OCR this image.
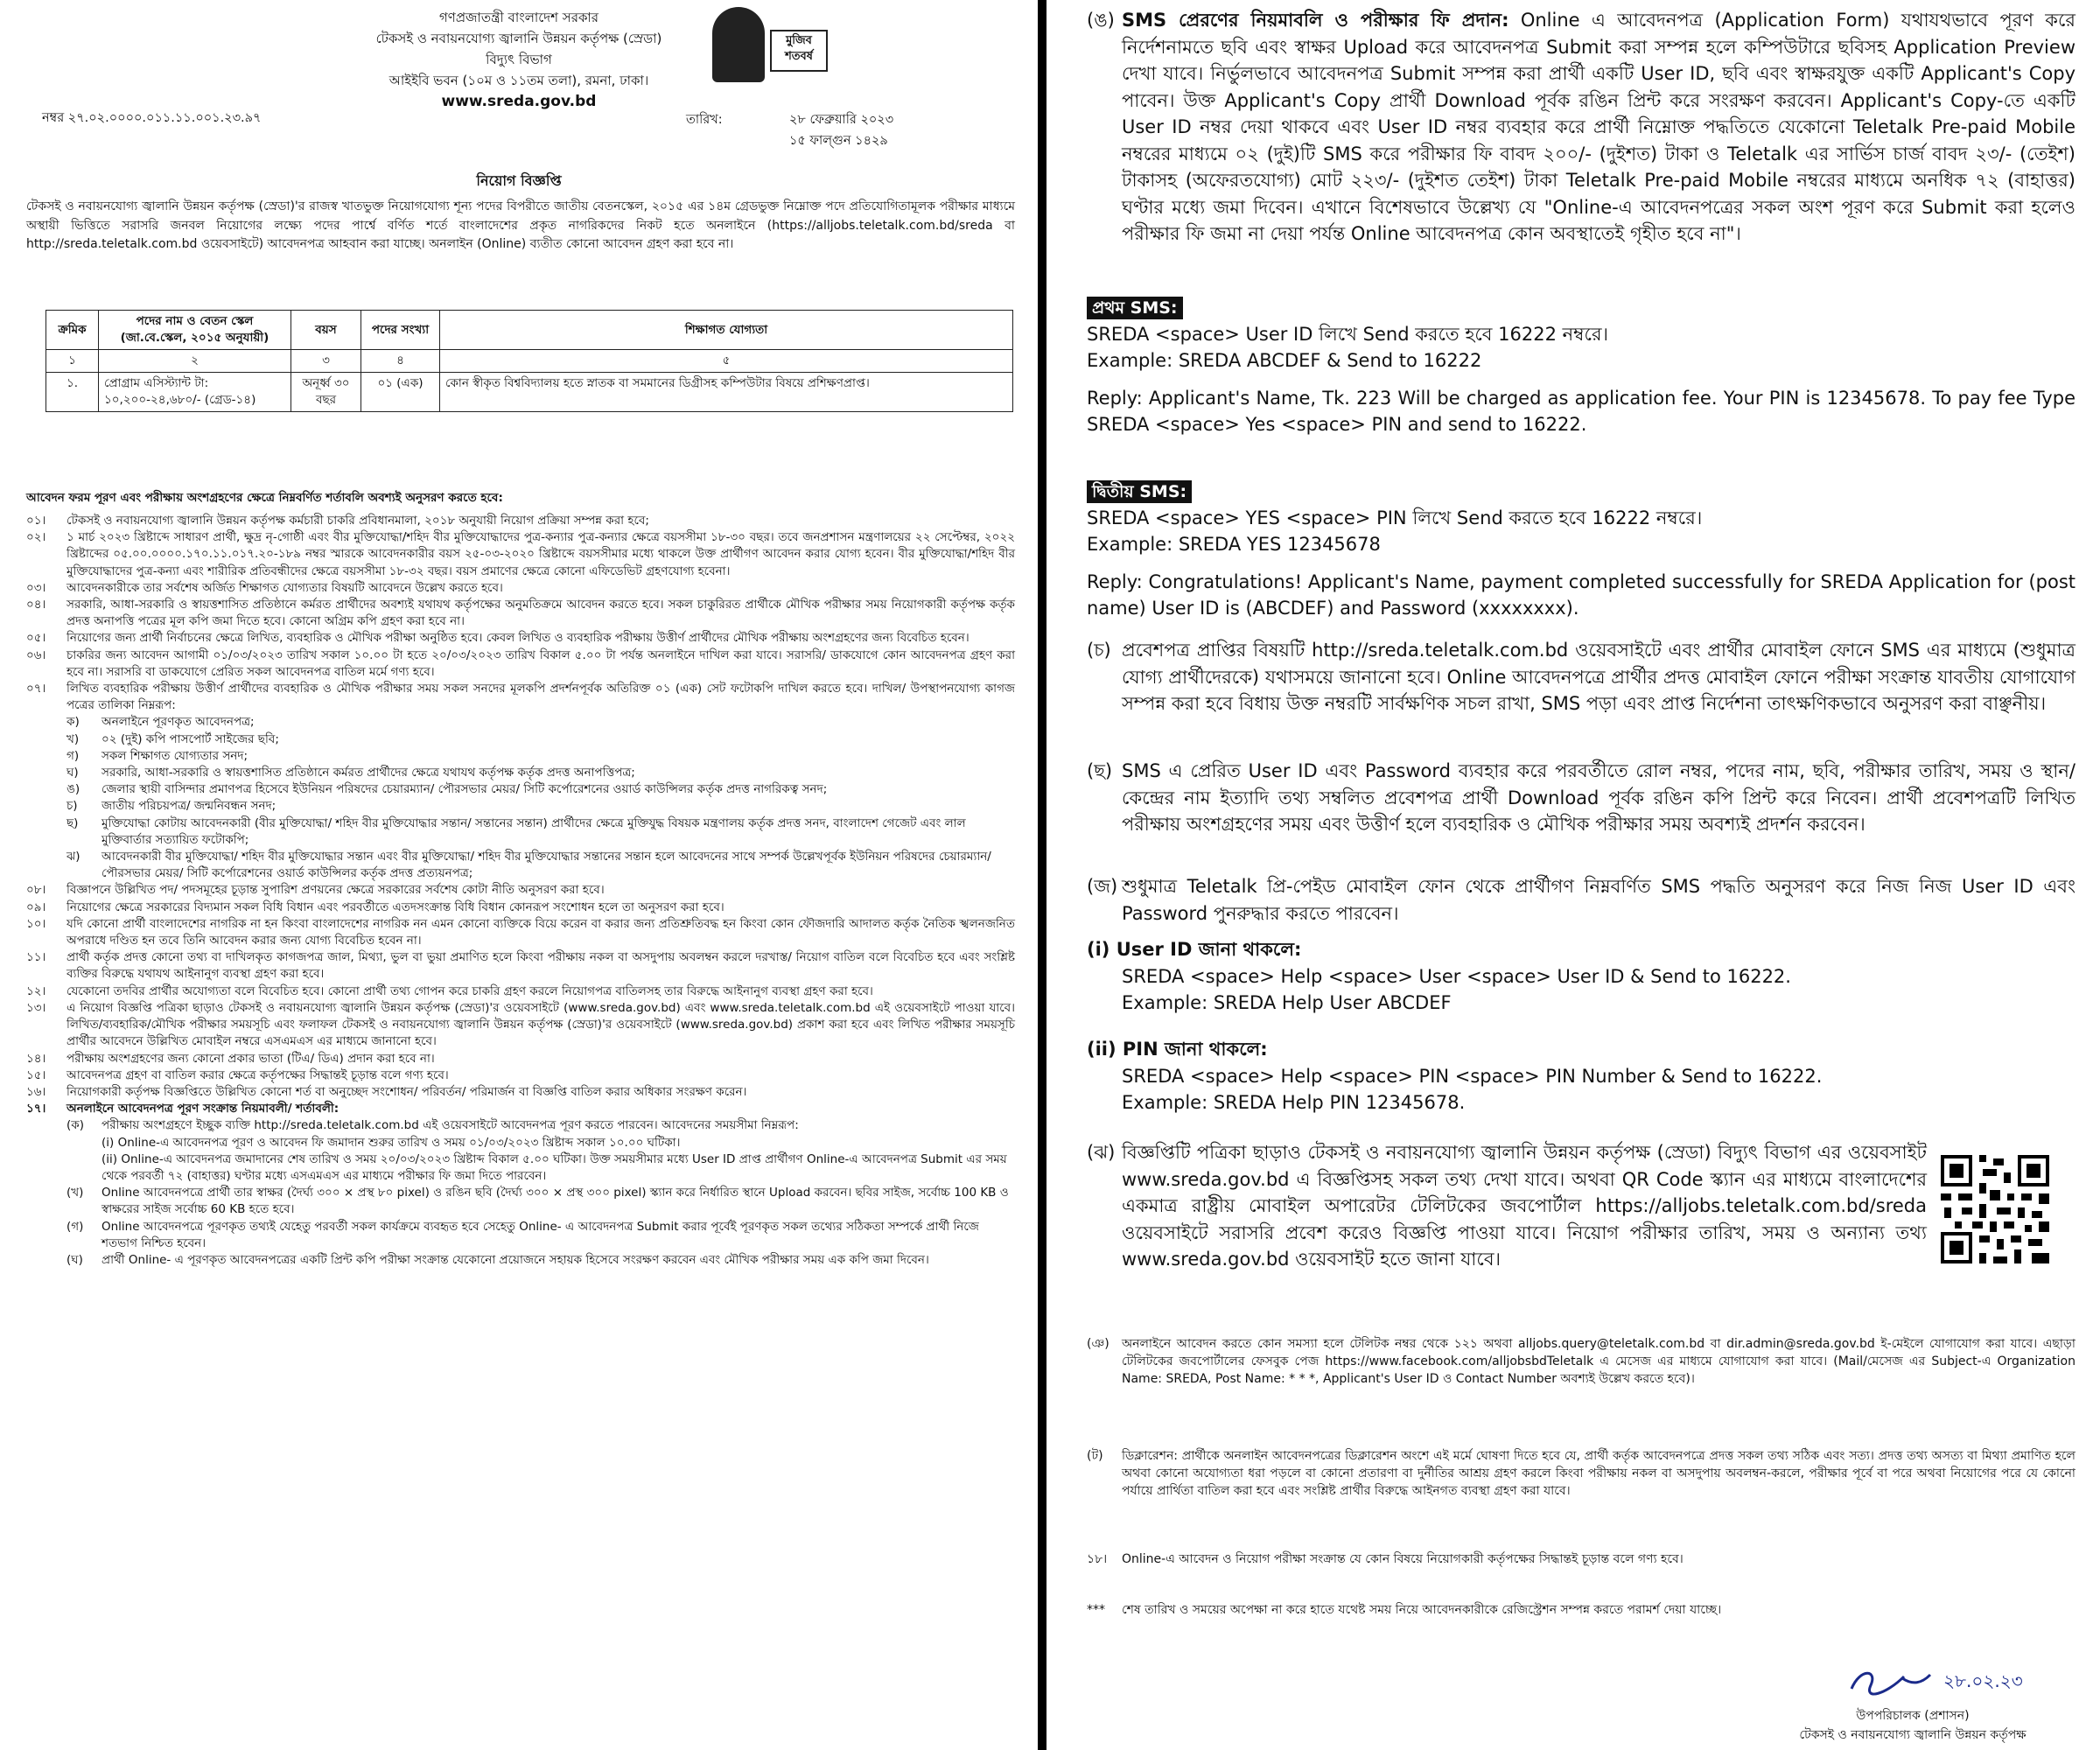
গণপ্রজাতন্ত্রী বাংলাদেশ সরকার
টেকসই ও নবায়নযোগ্য জ্বালানি উন্নয়ন কর্তৃপক্ষ (স্রেডা)
বিদ্যুৎ বিভাগ
আইইবি ভবন (১০ম ও ১১তম তলা), রমনা, ঢাকা।
www.sreda.gov.bd
মুজিব শতবর্ষ
নম্বর ২৭.০২.০০০০.০১১.১১.০০১.২৩.৯৭	তারিখ:	২৮ ফেব্রুয়ারি ২০২৩
১৫ ফাল্গুন ১৪২৯
নিয়োগ বিজ্ঞপ্তি
টেকসই ও নবায়নযোগ্য জ্বালানি উন্নয়ন কর্তৃপক্ষ (স্রেডা)'র রাজস্ব খাতভুক্ত নিয়োগযোগ্য শূন্য পদের বিপরীতে জাতীয় বেতনস্কেল, ২০১৫ এর ১৪ম গ্রেডভুক্ত নিম্নোক্ত পদে প্রতিযোগিতামূলক পরীক্ষার মাধ্যমে অস্থায়ী ভিত্তিতে সরাসরি জনবল নিয়োগের লক্ষ্যে পদের পার্শ্বে বর্ণিত শর্তে বাংলাদেশের প্রকৃত নাগরিকদের নিকট হতে অনলাইনে (https://alljobs.teletalk.com.bd/sreda বা http://sreda.teletalk.com.bd ওয়েবসাইটে) আবেদনপত্র আহবান করা যাচ্ছে। অনলাইন (Online) ব্যতীত কোনো আবেদন গ্রহণ করা হবে না।
ক্রমিক	পদের নাম ও বেতন স্কেল (জা.বে.স্কেল, ২০১৫ অনুযায়ী)	বয়স	পদের সংখ্যা	শিক্ষাগত যোগ্যতা
১	২	৩	৪	৫
১.	প্রোগ্রাম এসিস্ট্যান্ট টা: ১০,২০০-২৪,৬৮০/- (গ্রেড-১৪)	অনূর্ধ্ব ৩০ বছর	০১ (এক)	কোন স্বীকৃত বিশ্ববিদ্যালয় হতে স্নাতক বা সমমানের ডিগ্রীসহ কম্পিউটার বিষয়ে প্রশিক্ষণপ্রাপ্ত।
আবেদন ফরম পূরণ এবং পরীক্ষায় অংশগ্রহণের ক্ষেত্রে নিম্নবর্ণিত শর্তাবলি অবশ্যই অনুসরণ করতে হবে:
০১।	টেকসই ও নবায়নযোগ্য জ্বালানি উন্নয়ন কর্তৃপক্ষ কর্মচারী চাকরি প্রবিধানমালা, ২০১৮ অনুযায়ী নিয়োগ প্রক্রিয়া সম্পন্ন করা হবে;
০২।	১ মার্চ ২০২৩ খ্রিষ্টাব্দে সাধারণ প্রার্থী, ক্ষুদ্র নৃ-গোষ্ঠী এবং বীর মুক্তিযোদ্ধা/শহিদ বীর মুক্তিযোদ্ধাদের পুত্র-কন্যার পুত্র-কন্যার ক্ষেত্রে বয়সসীমা ১৮-৩০ বছর। তবে জনপ্রশাসন মন্ত্রণালয়ের ২২ সেপ্টেম্বর, ২০২২ খ্রিষ্টাব্দের ০৫.০০.০০০০.১৭০.১১.০১৭.২০-১৮৯ নম্বর স্মারকে আবেদনকারীর বয়স ২৫-০৩-২০২০ খ্রিষ্টাব্দে বয়সসীমার মধ্যে থাকলে উক্ত প্রার্থীগণ আবেদন করার যোগ্য হবেন। বীর মুক্তিযোদ্ধা/শহিদ বীর মুক্তিযোদ্ধাদের পুত্র-কন্যা এবং শারীরিক প্রতিবন্ধীদের ক্ষেত্রে বয়সসীমা ১৮-৩২ বছর। বয়স প্রমাণের ক্ষেত্রে কোনো এফিডেভিট গ্রহণযোগ্য হবেনা।
০৩।	আবেদনকারীকে তার সর্বশেষ অর্জিত শিক্ষাগত যোগ্যতার বিষয়টি আবেদনে উল্লেখ করতে হবে।
০৪।	সরকারি, আধা-সরকারি ও স্বায়ত্তশাসিত প্রতিষ্ঠানে কর্মরত প্রার্থীদের অবশ্যই যথাযথ কর্তৃপক্ষের অনুমতিক্রমে আবেদন করতে হবে। সকল চাকুরিরত প্রার্থীকে মৌখিক পরীক্ষার সময় নিয়োগকারী কর্তৃপক্ষ কর্তৃক প্রদত্ত অনাপত্তি পত্রের মূল কপি জমা দিতে হবে। কোনো অগ্রিম কপি গ্রহণ করা হবে না।
০৫।	নিয়োগের জন্য প্রার্থী নির্বাচনের ক্ষেত্রে লিখিত, ব্যবহারিক ও মৌখিক পরীক্ষা অনুষ্ঠিত হবে। কেবল লিখিত ও ব্যবহারিক পরীক্ষায় উত্তীর্ণ প্রার্থীদের মৌখিক পরীক্ষায় অংশগ্রহণের জন্য বিবেচিত হবেন।
০৬।	চাকরির জন্য আবেদন আগামী ০১/০৩/২০২৩ তারিখ সকাল ১০.০০ টা হতে ২০/০৩/২০২৩ তারিখ বিকাল ৫.০০ টা পর্যন্ত অনলাইনে দাখিল করা যাবে। সরাসরি/ ডাকযোগে কোন আবেদনপত্র গ্রহণ করা হবে না। সরাসরি বা ডাকযোগে প্রেরিত সকল আবেদনপত্র বাতিল মর্মে গণ্য হবে।
০৭।	লিখিত ব্যবহারিক পরীক্ষায় উত্তীর্ণ প্রার্থীদের ব্যবহারিক ও মৌখিক পরীক্ষার সময় সকল সনদের মূলকপি প্রদর্শনপূর্বক অতিরিক্ত ০১ (এক) সেট ফটোকপি দাখিল করতে হবে। দাখিল/ উপস্থাপনযোগ্য কাগজ পত্রের তালিকা নিম্নরূপ:
ক)	অনলাইনে পূরণকৃত আবেদনপত্র;
খ)	০২ (দুই) কপি পাসপোর্ট সাইজের ছবি;
গ)	সকল শিক্ষাগত যোগ্যতার সনদ;
ঘ)	সরকারি, আধা-সরকারি ও স্বায়ত্তশাসিত প্রতিষ্ঠানে কর্মরত প্রার্থীদের ক্ষেত্রে যথাযথ কর্তৃপক্ষ কর্তৃক প্রদত্ত অনাপত্তিপত্র;
ঙ)	জেলার স্থায়ী বাসিন্দার প্রমাণপত্র হিসেবে ইউনিয়ন পরিষদের চেয়ারম্যান/ পৌরসভার মেয়র/ সিটি কর্পোরেশনের ওয়ার্ড কাউন্সিলর কর্তৃক প্রদত্ত নাগরিকত্ব সনদ;
চ)	জাতীয় পরিচয়পত্র/ জন্মনিবন্ধন সনদ;
ছ)	মুক্তিযোদ্ধা কোটায় আবেদনকারী (বীর মুক্তিযোদ্ধা/ শহিদ বীর মুক্তিযোদ্ধার সন্তান/ সন্তানের সন্তান) প্রার্থীদের ক্ষেত্রে মুক্তিযুদ্ধ বিষয়ক মন্ত্রণালয় কর্তৃক প্রদত্ত সনদ, বাংলাদেশ গেজেট এবং লাল মুক্তিবার্তার সত্যায়িত ফটোকপি;
ঝ)	আবেদনকারী বীর মুক্তিযোদ্ধা/ শহিদ বীর মুক্তিযোদ্ধার সন্তান এবং বীর মুক্তিযোদ্ধা/ শহিদ বীর মুক্তিযোদ্ধার সন্তানের সন্তান হলে আবেদনের সাথে সম্পর্ক উল্লেখপূর্বক ইউনিয়ন পরিষদের চেয়ারম্যান/ পৌরসভার মেয়র/ সিটি কর্পোরেশনের ওয়ার্ড কাউন্সিলর কর্তৃক প্রদত্ত প্রত্যয়নপত্র;
০৮।	বিজ্ঞাপনে উল্লিখিত পদ/ পদসমূহের চূড়ান্ত সুপারিশ প্রণয়নের ক্ষেত্রে সরকারের সর্বশেষ কোটা নীতি অনুসরণ করা হবে।
০৯।	নিয়োগের ক্ষেত্রে সরকারের বিদ্যমান সকল বিধি বিধান এবং পরবর্তীতে এতদসংক্রান্ত বিধি বিধান কোনরূপ সংশোধন হলে তা অনুসরণ করা হবে।
১০।	যদি কোনো প্রার্থী বাংলাদেশের নাগরিক না হন কিংবা বাংলাদেশের নাগরিক নন এমন কোনো ব্যক্তিকে বিয়ে করেন বা করার জন্য প্রতিশ্রুতিবদ্ধ হন কিংবা কোন ফৌজদারি আদালত কর্তৃক নৈতিক স্খলনজনিত অপরাধে দণ্ডিত হন তবে তিনি আবেদন করার জন্য যোগ্য বিবেচিত হবেন না।
১১।	প্রার্থী কর্তৃক প্রদত্ত কোনো তথ্য বা দাখিলকৃত কাগজপত্র জাল, মিথ্যা, ভুল বা ভুয়া প্রমাণিত হলে কিংবা পরীক্ষায় নকল বা অসদুপায় অবলম্বন করলে দরখাস্ত/ নিয়োগ বাতিল বলে বিবেচিত হবে এবং সংশ্লিষ্ট ব্যক্তির বিরুদ্ধে যথাযথ আইনানুগ ব্যবস্থা গ্রহণ করা হবে।
১২।	যেকোনো তদবির প্রার্থীর অযোগ্যতা বলে বিবেচিত হবে। কোনো প্রার্থী তথ্য গোপন করে চাকরি গ্রহণ করলে নিয়োগপত্র বাতিলসহ তার বিরুদ্ধে আইনানুগ ব্যবস্থা গ্রহণ করা হবে।
১৩।	এ নিয়োগ বিজ্ঞপ্তি পত্রিকা ছাড়াও টেকসই ও নবায়নযোগ্য জ্বালানি উন্নয়ন কর্তৃপক্ষ (স্রেডা)'র ওয়েবসাইটে (www.sreda.gov.bd) এবং www.sreda.teletalk.com.bd এই ওয়েবসাইটে পাওয়া যাবে। লিখিত/ব্যবহারিক/মৌখিক পরীক্ষার সময়সূচি এবং ফলাফল টেকসই ও নবায়নযোগ্য জ্বালানি উন্নয়ন কর্তৃপক্ষ (স্রেডা)'র ওয়েবসাইটে (www.sreda.gov.bd) প্রকাশ করা হবে এবং লিখিত পরীক্ষার সময়সূচি প্রার্থীর আবেদনে উল্লিখিত মোবাইল নম্বরে এসএমএস এর মাধ্যমে জানানো হবে।
১৪।	পরীক্ষায় অংশগ্রহণের জন্য কোনো প্রকার ভাতা (টিএ/ ডিএ) প্রদান করা হবে না।
১৫।	আবেদনপত্র গ্রহণ বা বাতিল করার ক্ষেত্রে কর্তৃপক্ষের সিদ্ধান্তই চূড়ান্ত বলে গণ্য হবে।
১৬।	নিয়োগকারী কর্তৃপক্ষ বিজ্ঞপ্তিতে উল্লিখিত কোনো শর্ত বা অনুচ্ছেদ সংশোধন/ পরিবর্তন/ পরিমার্জন বা বিজ্ঞপ্তি বাতিল করার অধিকার সংরক্ষণ করেন।
১৭।	অনলাইনে আবেদনপত্র পূরণ সংক্রান্ত নিয়মাবলী/ শর্তাবলী:
(ক)	পরীক্ষায় অংশগ্রহণে ইচ্ছুক ব্যক্তি http://sreda.teletalk.com.bd এই ওয়েবসাইটে আবেদনপত্র পূরণ করতে পারবেন। আবেদনের সময়সীমা নিম্নরূপ:
(i) Online-এ আবেদনপত্র পূরণ ও আবেদন ফি জমাদান শুরুর তারিখ ও সময় ০১/০৩/২০২৩ খ্রিষ্টাব্দ সকাল ১০.০০ ঘটিকা।
(ii) Online-এ আবেদনপত্র জমাদানের শেষ তারিখ ও সময় ২০/০৩/২০২৩ খ্রিষ্টাব্দ বিকাল ৫.০০ ঘটিকা। উক্ত সময়সীমার মধ্যে User ID প্রাপ্ত প্রার্থীগণ Online-এ আবেদনপত্র Submit এর সময় থেকে পরবর্তী ৭২ (বাহাত্তর) ঘণ্টার মধ্যে এসএমএস এর মাধ্যমে পরীক্ষার ফি জমা দিতে পারবেন।
(খ)	Online আবেদনপত্রে প্রার্থী তার স্বাক্ষর (দৈর্ঘ্য ৩০০ × প্রস্থ ৮০ pixel) ও রঙিন ছবি (দৈর্ঘ্য ৩০০ × প্রস্থ ৩০০ pixel) স্ক্যান করে নির্ধারিত স্থানে Upload করবেন। ছবির সাইজ, সর্বোচ্চ 100 KB ও স্বাক্ষরের সাইজ সর্বোচ্চ 60 KB হতে হবে।
(গ)	Online আবেদনপত্রে পূরণকৃত তথ্যই যেহেতু পরবর্তী সকল কার্যক্রমে ব্যবহৃত হবে সেহেতু Online- এ আবেদনপত্র Submit করার পূর্বেই পূরণকৃত সকল তথ্যের সঠিকতা সম্পর্কে প্রার্থী নিজে শতভাগ নিশ্চিত হবেন।
(ঘ)	প্রার্থী Online- এ পূরণকৃত আবেদনপত্রের একটি প্রিন্ট কপি পরীক্ষা সংক্রান্ত যেকোনো প্রয়োজনে সহায়ক হিসেবে সংরক্ষণ করবেন এবং মৌখিক পরীক্ষার সময় এক কপি জমা দিবেন।
(ঙ) SMS প্রেরণের নিয়মাবলি ও পরীক্ষার ফি প্রদান: Online এ আবেদনপত্র (Application Form) যথাযথভাবে পূরণ করে নির্দেশনামতে ছবি এবং স্বাক্ষর Upload করে আবেদনপত্র Submit করা সম্পন্ন হলে কম্পিউটারে ছবিসহ Application Preview দেখা যাবে। নির্ভুলভাবে আবেদনপত্র Submit সম্পন্ন করা প্রার্থী একটি User ID, ছবি এবং স্বাক্ষরযুক্ত একটি Applicant's Copy পাবেন। উক্ত Applicant's Copy প্রার্থী Download পূর্বক রঙিন প্রিন্ট করে সংরক্ষণ করবেন। Applicant's Copy-তে একটি User ID নম্বর দেয়া থাকবে এবং User ID নম্বর ব্যবহার করে প্রার্থী নিম্নোক্ত পদ্ধতিতে যেকোনো Teletalk Pre-paid Mobile নম্বরের মাধ্যমে ০২ (দুই)টি SMS করে পরীক্ষার ফি বাবদ ২০০/- (দুইশত) টাকা ও Teletalk এর সার্ভিস চার্জ বাবদ ২৩/- (তেইশ) টাকাসহ (অফেরতযোগ্য) মোট ২২৩/- (দুইশত তেইশ) টাকা Teletalk Pre-paid Mobile নম্বরের মাধ্যমে অনধিক ৭২ (বাহাত্তর) ঘণ্টার মধ্যে জমা দিবেন। এখানে বিশেষভাবে উল্লেখ্য যে "Online-এ আবেদনপত্রের সকল অংশ পূরণ করে Submit করা হলেও পরীক্ষার ফি জমা না দেয়া পর্যন্ত Online আবেদনপত্র কোন অবস্থাতেই গৃহীত হবে না"।
প্রথম SMS:
SREDA <space> User ID লিখে Send করতে হবে 16222 নম্বরে।
Example: SREDA ABCDEF & Send to 16222
Reply: Applicant's Name, Tk. 223 Will be charged as application fee. Your PIN is 12345678. To pay fee Type SREDA <space> Yes <space> PIN and send to 16222.
দ্বিতীয় SMS:
SREDA <space> YES <space> PIN লিখে Send করতে হবে 16222 নম্বরে।
Example: SREDA YES 12345678
Reply: Congratulations! Applicant's Name, payment completed successfully for SREDA Application for (post name) User ID is (ABCDEF) and Password (xxxxxxxx).
(চ) প্রবেশপত্র প্রাপ্তির বিষয়টি http://sreda.teletalk.com.bd ওয়েবসাইটে এবং প্রার্থীর মোবাইল ফোনে SMS এর মাধ্যমে (শুধুমাত্র যোগ্য প্রার্থীদেরকে) যথাসময়ে জানানো হবে। Online আবেদনপত্রে প্রার্থীর প্রদত্ত মোবাইল ফোনে পরীক্ষা সংক্রান্ত যাবতীয় যোগাযোগ সম্পন্ন করা হবে বিধায় উক্ত নম্বরটি সার্বক্ষণিক সচল রাখা, SMS পড়া এবং প্রাপ্ত নির্দেশনা তাৎক্ষণিকভাবে অনুসরণ করা বাঞ্ছনীয়।
(ছ) SMS এ প্রেরিত User ID এবং Password ব্যবহার করে পরবর্তীতে রোল নম্বর, পদের নাম, ছবি, পরীক্ষার তারিখ, সময় ও স্থান/ কেন্দ্রের নাম ইত্যাদি তথ্য সম্বলিত প্রবেশপত্র প্রার্থী Download পূর্বক রঙিন কপি প্রিন্ট করে নিবেন। প্রার্থী প্রবেশপত্রটি লিখিত পরীক্ষায় অংশগ্রহণের সময় এবং উত্তীর্ণ হলে ব্যবহারিক ও মৌখিক পরীক্ষার সময় অবশ্যই প্রদর্শন করবেন।
(জ) শুধুমাত্র Teletalk প্রি-পেইড মোবাইল ফোন থেকে প্রার্থীগণ নিম্নবর্ণিত SMS পদ্ধতি অনুসরণ করে নিজ নিজ User ID এবং Password পুনরুদ্ধার করতে পারবেন।
(i) User ID জানা থাকলে:
SREDA <space> Help <space> User <space> User ID & Send to 16222.
Example: SREDA Help User ABCDEF
(ii) PIN জানা থাকলে:
SREDA <space> Help <space> PIN <space> PIN Number & Send to 16222.
Example: SREDA Help PIN 12345678.
(ঝ) বিজ্ঞপ্তিটি পত্রিকা ছাড়াও টেকসই ও নবায়নযোগ্য জ্বালানি উন্নয়ন কর্তৃপক্ষ (স্রেডা) বিদ্যুৎ বিভাগ এর ওয়েবসাইট www.sreda.gov.bd এ বিজ্ঞপ্তিসহ সকল তথ্য দেখা যাবে। অথবা QR Code স্ক্যান এর মাধ্যমে বাংলাদেশের একমাত্র রাষ্ট্রীয় মোবাইল অপারেটর টেলিটকের জবপোর্টাল https://alljobs.teletalk.com.bd/sreda ওয়েবসাইটে সরাসরি প্রবেশ করেও বিজ্ঞপ্তি পাওয়া যাবে। নিয়োগ পরীক্ষার তারিখ, সময় ও অন্যান্য তথ্য www.sreda.gov.bd ওয়েবসাইট হতে জানা যাবে।
(ঞ)	অনলাইনে আবেদন করতে কোন সমস্যা হলে টেলিটক নম্বর থেকে ১২১ অথবা alljobs.query@teletalk.com.bd বা dir.admin@sreda.gov.bd ই-মেইলে যোগাযোগ করা যাবে। এছাড়া টেলিটকের জবপোর্টালের ফেসবুক পেজ https://www.facebook.com/alljobsbdTeletalk এ মেসেজ এর মাধ্যমে যোগাযোগ করা যাবে। (Mail/মেসেজ এর Subject-এ Organization Name: SREDA, Post Name: * * *, Applicant's User ID ও Contact Number অবশ্যই উল্লেখ করতে হবে)।
(ট)	ডিক্লারেশন: প্রার্থীকে অনলাইন আবেদনপত্রের ডিক্লারেশন অংশে এই মর্মে ঘোষণা দিতে হবে যে, প্রার্থী কর্তৃক আবেদনপত্রে প্রদত্ত সকল তথ্য সঠিক এবং সত্য। প্রদত্ত তথ্য অসত্য বা মিথ্যা প্রমাণিত হলে অথবা কোনো অযোগ্যতা ধরা পড়লে বা কোনো প্রতারণা বা দুর্নীতির আশ্রয় গ্রহণ করলে কিংবা পরীক্ষায় নকল বা অসদুপায় অবলম্বন-করলে, পরীক্ষার পূর্বে বা পরে অথবা নিয়োগের পরে যে কোনো পর্যায়ে প্রার্থিতা বাতিল করা হবে এবং সংশ্লিষ্ট প্রার্থীর বিরুদ্ধে আইনগত ব্যবস্থা গ্রহণ করা যাবে।
১৮।	Online-এ আবেদন ও নিয়োগ পরীক্ষা সংক্রান্ত যে কোন বিষয়ে নিয়োগকারী কর্তৃপক্ষের সিদ্ধান্তই চূড়ান্ত বলে গণ্য হবে।
***	শেষ তারিখ ও সময়ের অপেক্ষা না করে হাতে যথেষ্ট সময় নিয়ে আবেদনকারীকে রেজিস্ট্রেশন সম্পন্ন করতে পরামর্শ দেয়া যাচ্ছে।
২৮.০২.২৩
উপপরিচালক (প্রশাসন)
টেকসই ও নবায়নযোগ্য জ্বালানি উন্নয়ন কর্তৃপক্ষ
